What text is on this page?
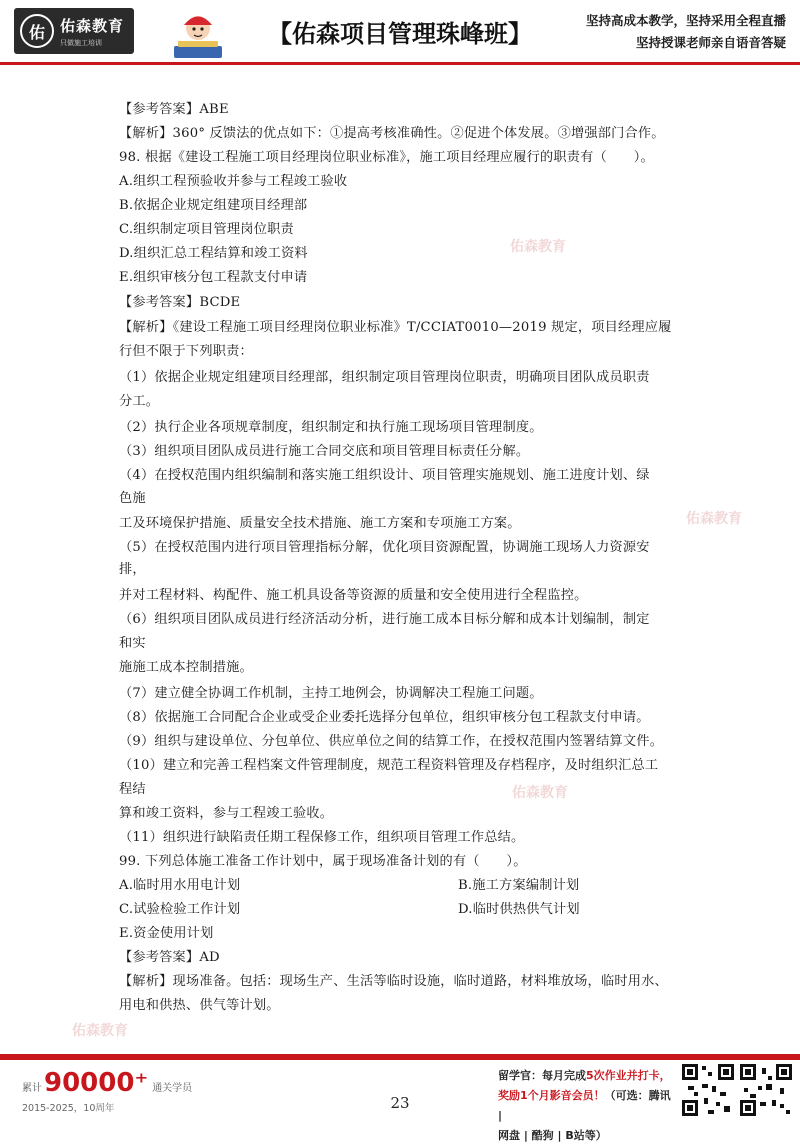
佑	佑森教育
只做施工培训	【佑森项目管理珠峰班】	坚持高成本教学，坚持采用全程直播
坚持授课老师亲自语音答疑
佑森教育
佑森教育
佑森教育
佑森教育
【参考答案】ABE
【解析】360° 反馈法的优点如下：①提高考核准确性。②促进个体发展。③增强部门合作。
98. 根据《建设工程施工项目经理岗位职业标准》，施工项目经理应履行的职责有（　　）。
A.组织工程预验收并参与工程竣工验收
B.依据企业规定组建项目经理部
C.组织制定项目管理岗位职责
D.组织汇总工程结算和竣工资料
E.组织审核分包工程款支付申请
【参考答案】BCDE
【解析】《建设工程施工项目经理岗位职业标准》T/CCIAT0010—2019 规定，项目经理应履
行但不限于下列职责：
（1）依据企业规定组建项目经理部，组织制定项目管理岗位职责，明确项目团队成员职责
分工。
（2）执行企业各项规章制度，组织制定和执行施工现场项目管理制度。
（3）组织项目团队成员进行施工合同交底和项目管理目标责任分解。
（4）在授权范围内组织编制和落实施工组织设计、项目管理实施规划、施工进度计划、绿
色施
工及环境保护措施、质量安全技术措施、施工方案和专项施工方案。
（5）在授权范围内进行项目管理指标分解，优化项目资源配置，协调施工现场人力资源安
排，
并对工程材料、构配件、施工机具设备等资源的质量和安全使用进行全程监控。
（6）组织项目团队成员进行经济活动分析，进行施工成本目标分解和成本计划编制，制定
和实
施施工成本控制措施。
（7）建立健全协调工作机制，主持工地例会，协调解决工程施工问题。
（8）依据施工合同配合企业或受企业委托选择分包单位，组织审核分包工程款支付申请。
（9）组织与建设单位、分包单位、供应单位之间的结算工作，在授权范围内签署结算文件。
（10）建立和完善工程档案文件管理制度，规范工程资料管理及存档程序，及时组织汇总工
程结
算和竣工资料，参与工程竣工验收。
（11）组织进行缺陷责任期工程保修工作，组织项目管理工作总结。
99. 下列总体施工准备工作计划中，属于现场准备计划的有（　　）。
A.临时用水用电计划	B.施工方案编制计划
C.试验检验工作计划	D.临时供热供气计划
E.资金使用计划
【参考答案】AD
【解析】现场准备。包括：现场生产、生活等临时设施，临时道路，材料堆放场，临时用水、
用电和供热、供气等计划。
累计 90000⁺ 通关学员
2015-2025，10周年	23
留学官：每月完成5次作业并打卡，
奖励1个月影音会员！（可选：腾讯 |
网盘 | 酷狗 | B站等）
